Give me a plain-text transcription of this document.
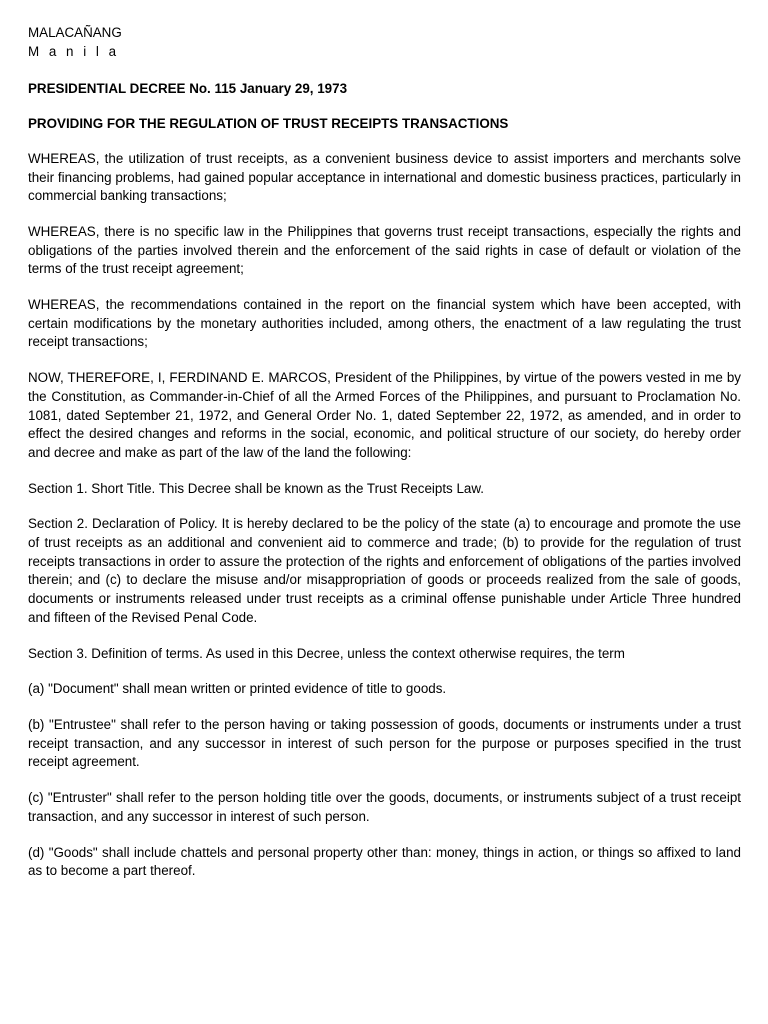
MALACAÑANG
M a n i l a
PRESIDENTIAL DECREE No. 115 January 29, 1973
PROVIDING FOR THE REGULATION OF TRUST RECEIPTS TRANSACTIONS

WHEREAS, the utilization of trust receipts, as a convenient business device to assist importers and merchants solve their financing problems, had gained popular acceptance in international and domestic business practices, particularly in commercial banking transactions;

WHEREAS, there is no specific law in the Philippines that governs trust receipt transactions, especially the rights and obligations of the parties involved therein and the enforcement of the said rights in case of default or violation of the terms of the trust receipt agreement;

WHEREAS, the recommendations contained in the report on the financial system which have been accepted, with certain modifications by the monetary authorities included, among others, the enactment of a law regulating the trust receipt transactions;

NOW, THEREFORE, I, FERDINAND E. MARCOS, President of the Philippines, by virtue of the powers vested in me by the Constitution, as Commander-in-Chief of all the Armed Forces of the Philippines, and pursuant to Proclamation No. 1081, dated September 21, 1972, and General Order No. 1, dated September 22, 1972, as amended, and in order to effect the desired changes and reforms in the social, economic, and political structure of our society, do hereby order and decree and make as part of the law of the land the following:

Section 1. Short Title. This Decree shall be known as the Trust Receipts Law.

Section 2. Declaration of Policy. It is hereby declared to be the policy of the state (a) to encourage and promote the use of trust receipts as an additional and convenient aid to commerce and trade; (b) to provide for the regulation of trust receipts transactions in order to assure the protection of the rights and enforcement of obligations of the parties involved therein; and (c) to declare the misuse and/or misappropriation of goods or proceeds realized from the sale of goods, documents or instruments released under trust receipts as a criminal offense punishable under Article Three hundred and fifteen of the Revised Penal Code.

Section 3. Definition of terms. As used in this Decree, unless the context otherwise requires, the term

(a) "Document" shall mean written or printed evidence of title to goods.

(b) "Entrustee" shall refer to the person having or taking possession of goods, documents or instruments under a trust receipt transaction, and any successor in interest of such person for the purpose or purposes specified in the trust receipt agreement.

(c) "Entruster" shall refer to the person holding title over the goods, documents, or instruments subject of a trust receipt transaction, and any successor in interest of such person.

(d) "Goods" shall include chattels and personal property other than: money, things in action, or things so affixed to land as to become a part thereof.
